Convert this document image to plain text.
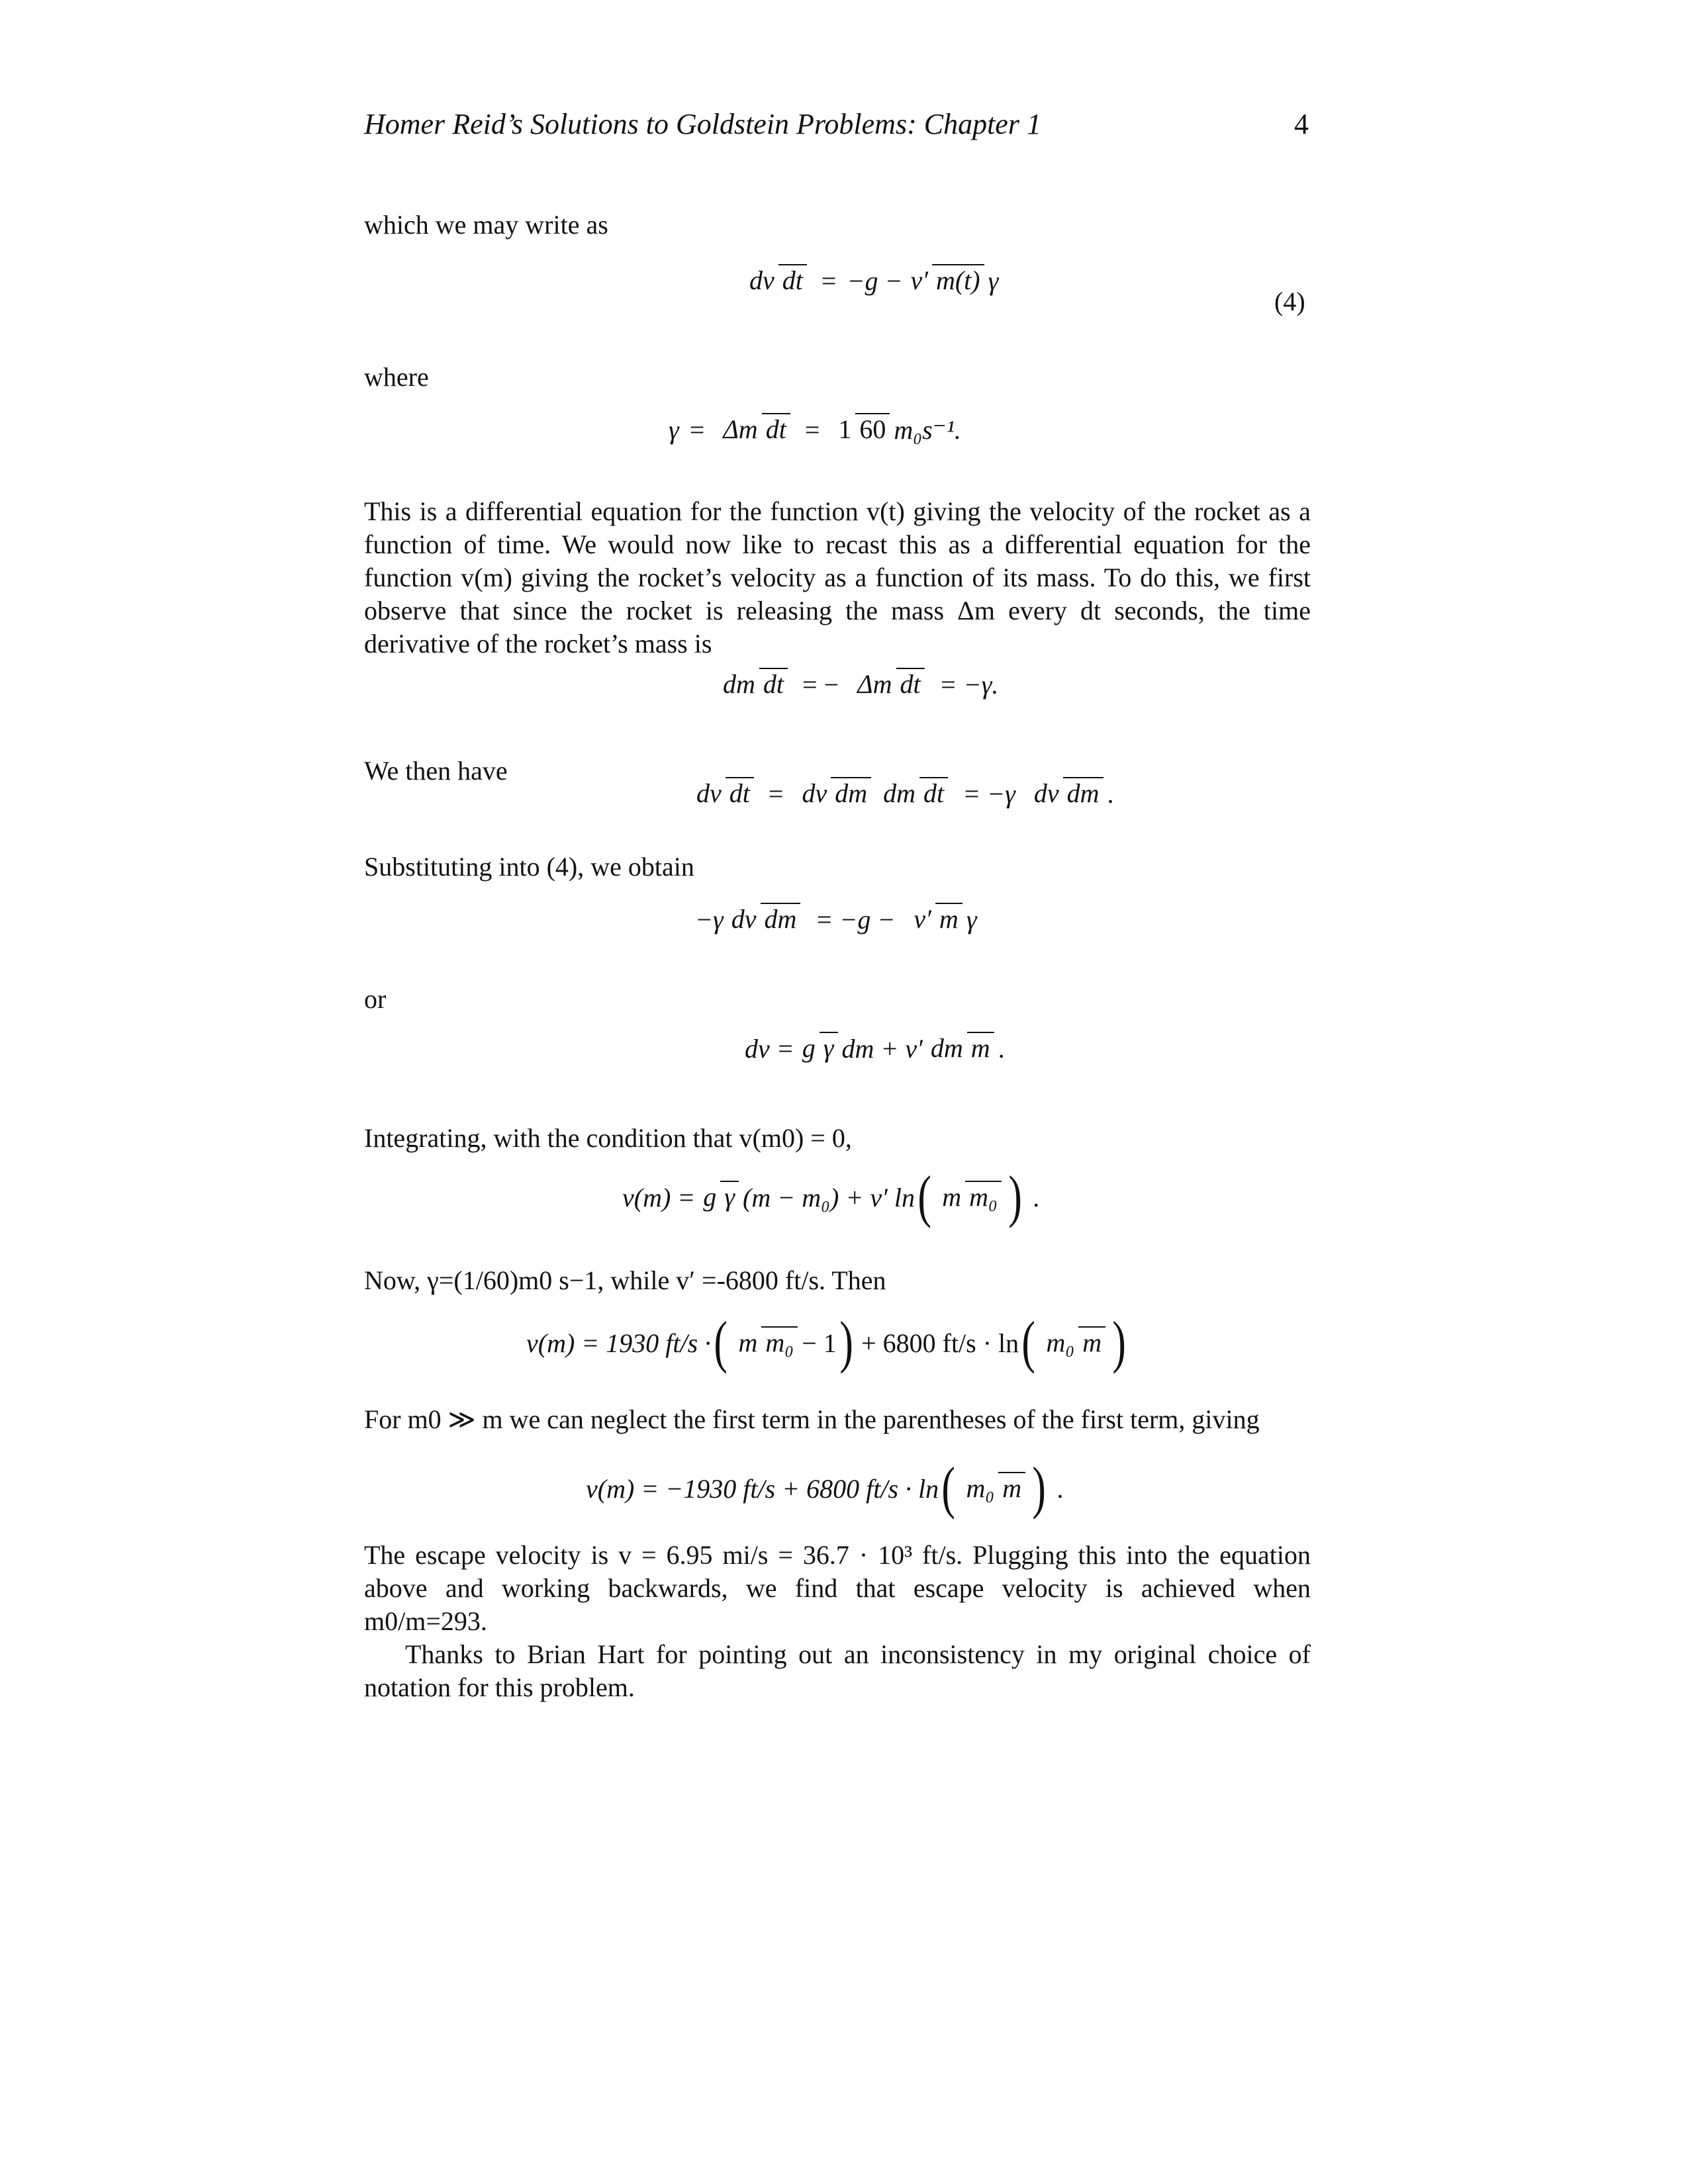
Homer Reid’s Solutions to Goldstein Problems: Chapter 1	4
which we may write as
dv dt = −g − v′ m(t) γ
(4)
where
γ = Δm dt = 1 60 m₀s⁻¹.
This is a differential equation for the function v(t) giving the velocity of the rocket as a function of time. We would now like to recast this as a differential equation for the function v(m) giving the rocket’s velocity as a function of its mass. To do this, we first observe that since the rocket is releasing the mass Δm every dt seconds, the time derivative of the rocket’s mass is
dm dt = − Δm dt = −γ.
We then have
dv dt = dv dm dm dt = −γ dv dm .
Substituting into (4), we obtain
−γ dv dm = −g − v′ m γ
or
dv = g γ dm + v′ dm m .
Integrating, with the condition that v(m0) = 0,
v(m) = g γ (m − m₀) + v′ ln ( m m₀ ) .
Now, γ=(1/60)m0 s−1, while v′ =-6800 ft/s. Then
v(m) = 1930 ft/s · ( m m₀ − 1 ) + 6800 ft/s · ln ( m₀ m )
For m0 ≫ m we can neglect the first term in the parentheses of the first term, giving
v(m) = −1930 ft/s + 6800 ft/s · ln ( m₀ m ) .
The escape velocity is v = 6.95 mi/s = 36.7 · 10³ ft/s. Plugging this into the equation above and working backwards, we find that escape velocity is achieved when m0/m=293.
Thanks to Brian Hart for pointing out an inconsistency in my original choice of notation for this problem.
